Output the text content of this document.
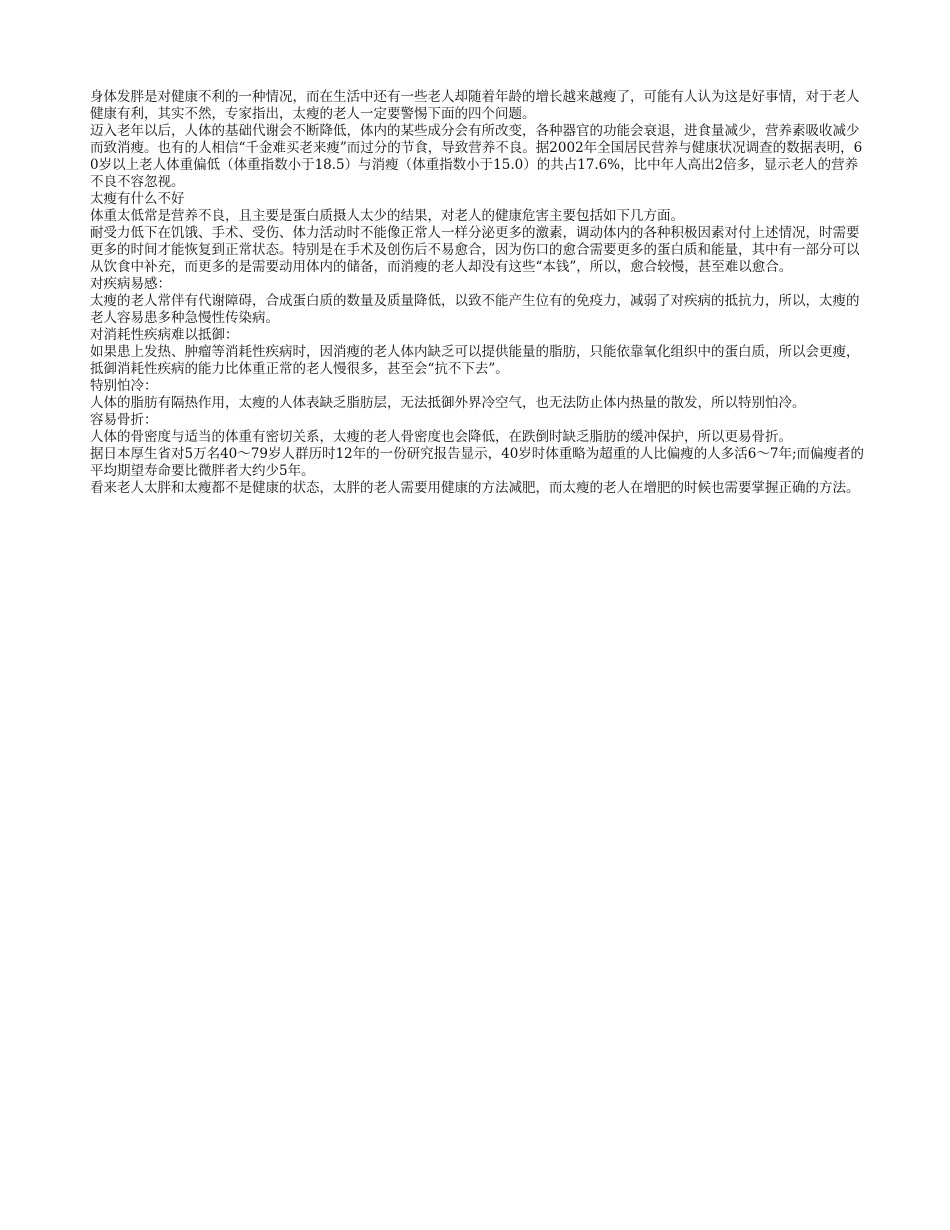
身体发胖是对健康不利的一种情况，而在生活中还有一些老人却随着年龄的增长越来越瘦了，可能有人认为这是好事情，对于老人健康有利，其实不然，专家指出，太瘦的老人一定要警惕下面的四个问题。

迈入老年以后，人体的基础代谢会不断降低，体内的某些成分会有所改变，各种器官的功能会衰退，进食量减少，营养素吸收减少而致消瘦。也有的人相信“千金难买老来瘦”而过分的节食，导致营养不良。据2002年全国居民营养与健康状况调查的数据表明，60岁以上老人体重偏低（体重指数小于18.5）与消瘦（体重指数小于15.0）的共占17.6%，比中年人高出2倍多，显示老人的营养不良不容忽视。

太瘦有什么不好

体重太低常是营养不良，且主要是蛋白质摄人太少的结果，对老人的健康危害主要包括如下几方面。

耐受力低下在饥饿、手术、受伤、体力活动时不能像正常人一样分泌更多的激素，调动体内的各种积极因素对付上述情况，时需要更多的时间才能恢复到正常状态。特别是在手术及创伤后不易愈合，因为伤口的愈合需要更多的蛋白质和能量，其中有一部分可以从饮食中补充，而更多的是需要动用体内的储备，而消瘦的老人却没有这些“本钱”，所以，愈合较慢，甚至难以愈合。

对疾病易感：

太瘦的老人常伴有代谢障碍，合成蛋白质的数量及质量降低，以致不能产生位有的免疫力，减弱了对疾病的抵抗力，所以，太瘦的老人容易患多种急慢性传染病。

对消耗性疾病难以抵御：

如果患上发热、肿瘤等消耗性疾病时，因消瘦的老人体内缺乏可以提供能量的脂肪，只能依靠氧化组织中的蛋白质，所以会更瘦，抵御消耗性疾病的能力比体重正常的老人慢很多，甚至会“抗不下去”。

特别怕冷：

人体的脂肪有隔热作用，太瘦的人体表缺乏脂肪层，无法抵御外界冷空气，也无法防止体内热量的散发，所以特别怕冷。

容易骨折：

人体的骨密度与适当的体重有密切关系，太瘦的老人骨密度也会降低，在跌倒时缺乏脂肪的缓冲保护，所以更易骨折。

据日本厚生省对5万名40～79岁人群历时12年的一份研究报告显示，40岁时体重略为超重的人比偏瘦的人多活6～7年;而偏瘦者的平均期望寿命要比微胖者大约少5年。

看来老人太胖和太瘦都不是健康的状态，太胖的老人需要用健康的方法减肥，而太瘦的老人在增肥的时候也需要掌握正确的方法。
